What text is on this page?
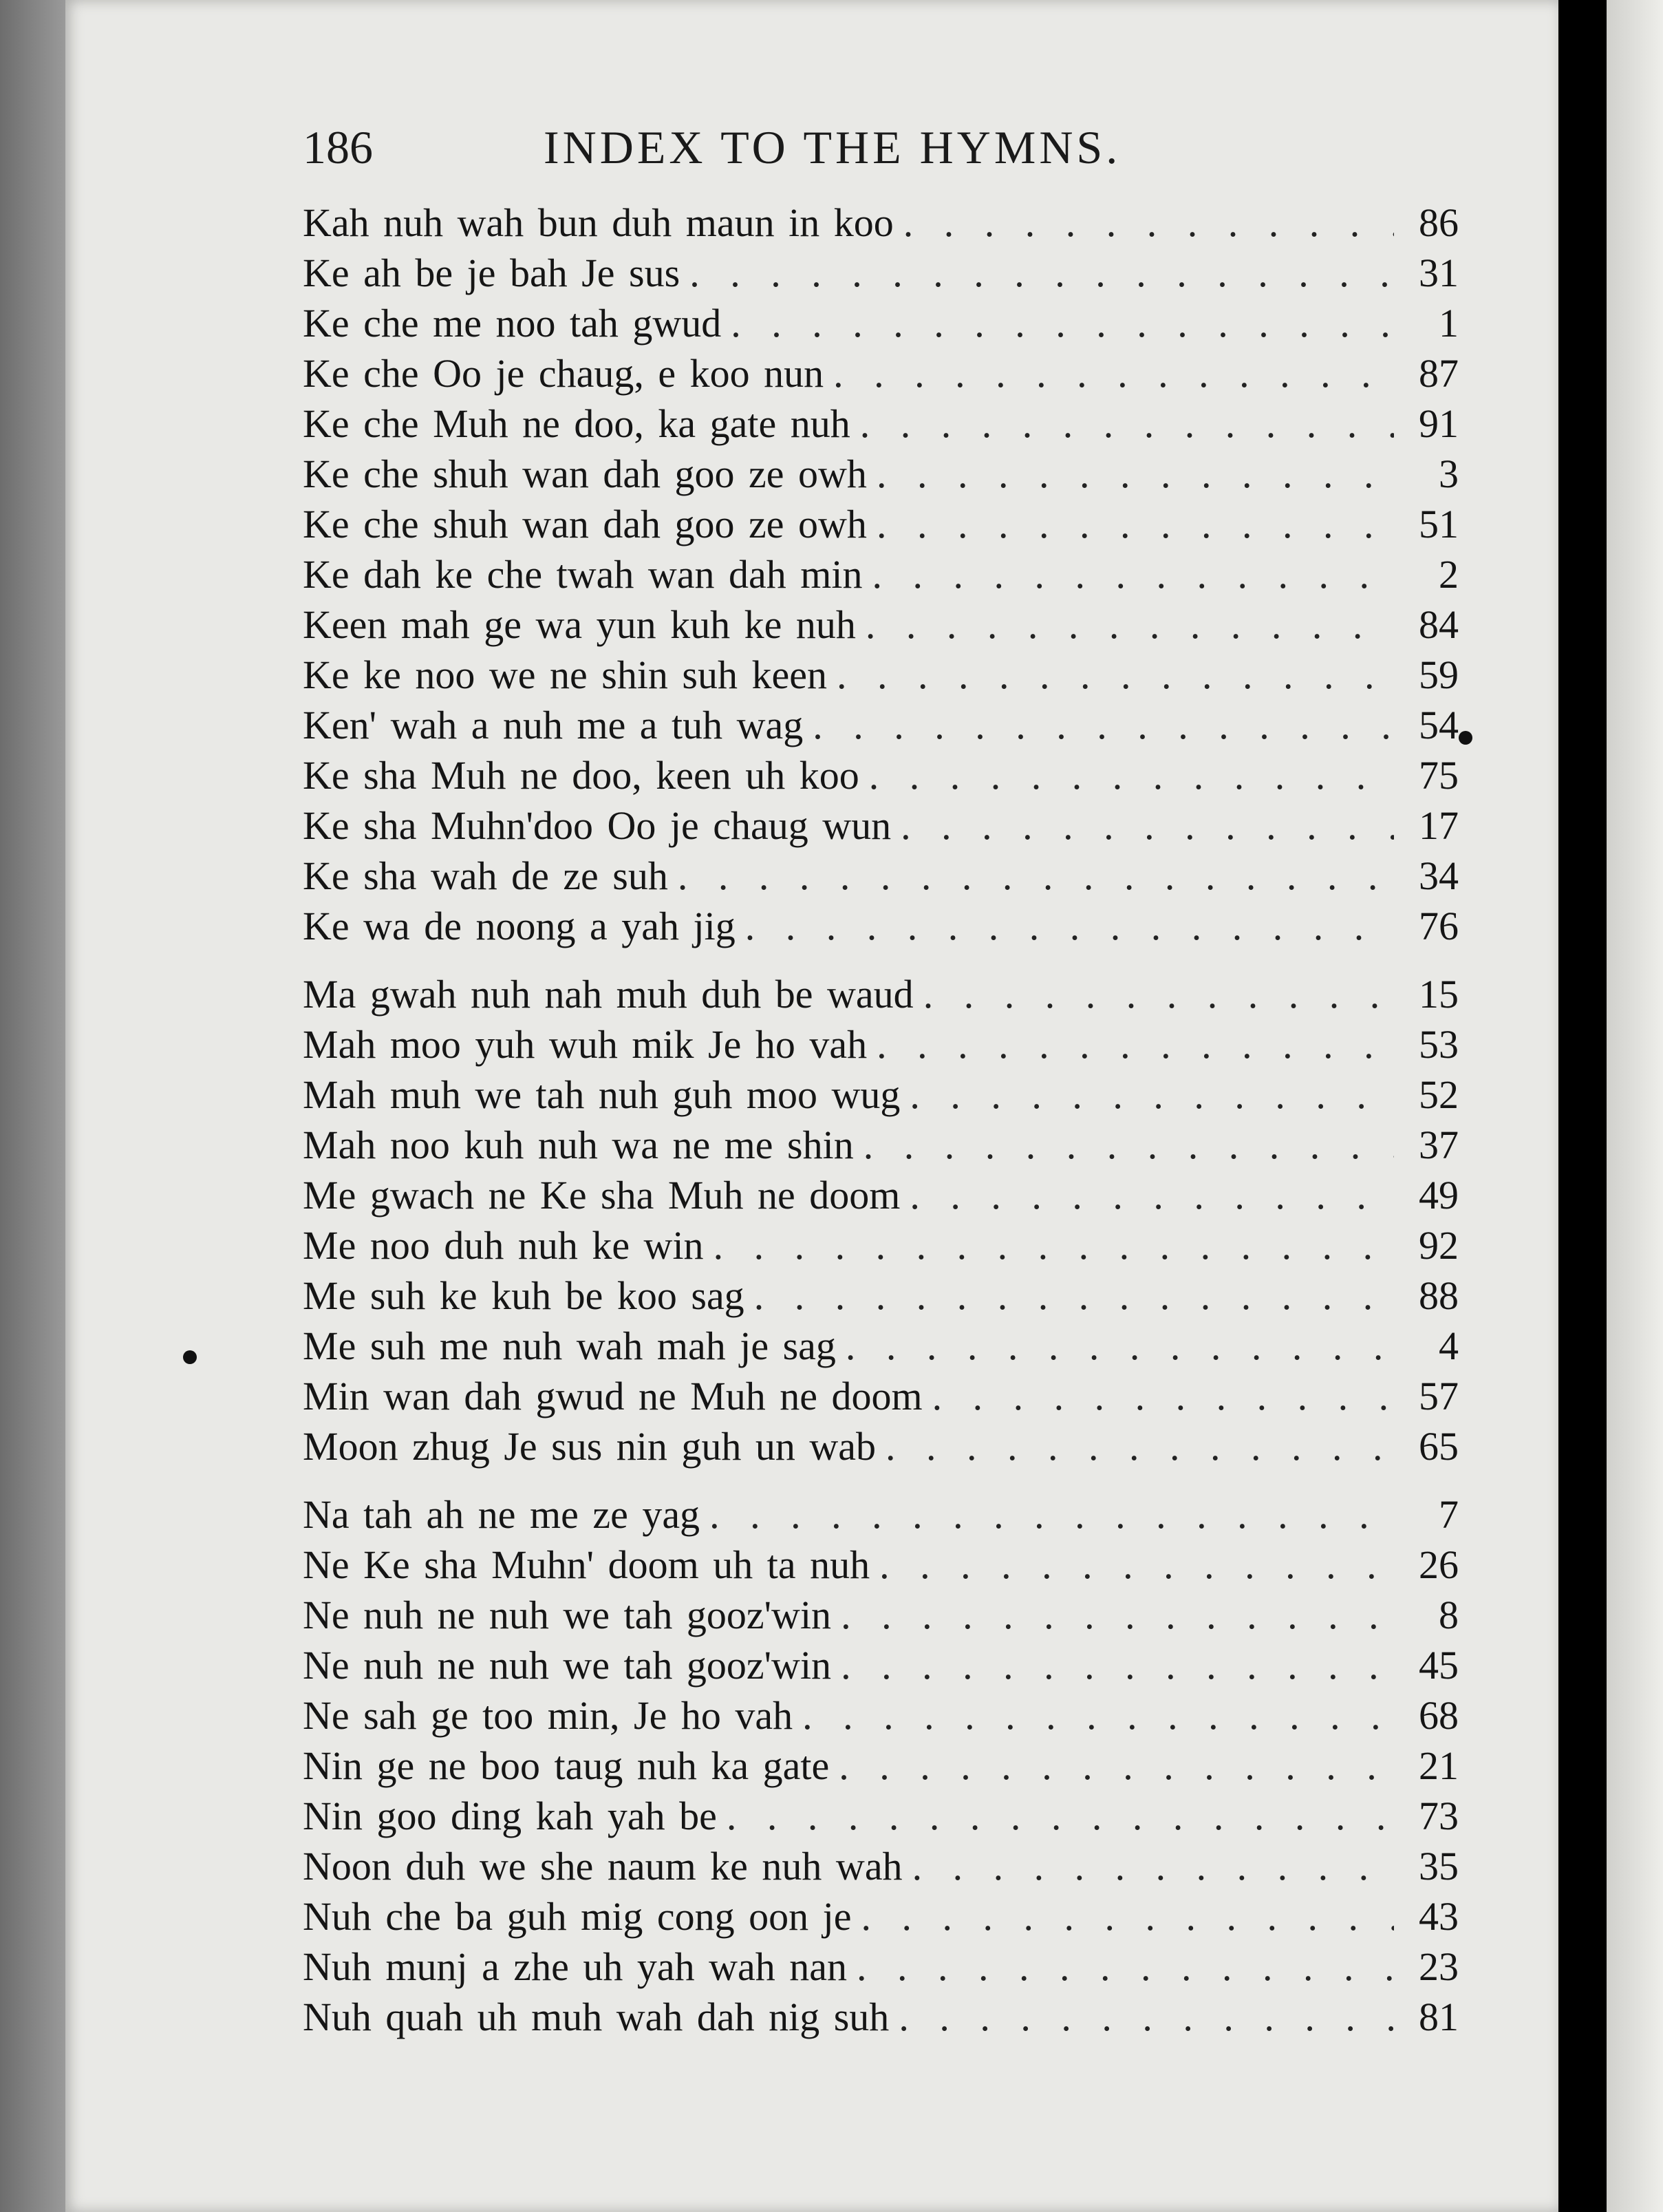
186	INDEX TO THE HYMNS.
Kah nuh wah bun duh maun in koo . . .	86
Ke ah be je bah Je sus . . .	31
Ke che me noo tah gwud . . .	1
Ke che Oo je chaug, e koo nun . . .	87
Ke che Muh ne doo, ka gate nuh . . .	91
Ke che shuh wan dah goo ze owh . . .	3
Ke che shuh wan dah goo ze owh . . .	51
Ke dah ke che twah wan dah min . . .	2
Keen mah ge wa yun kuh ke nuh . . .	84
Ke ke noo we ne shin suh keen . . .	59
Ken' wah a nuh me a tuh wag . . .	54
Ke sha Muh ne doo, keen uh koo . . .	75
Ke sha Muhn'doo Oo je chaug wun . . .	17
Ke sha wah de ze suh . . .	34
Ke wa de noong a yah jig . . .	76
Ma gwah nuh nah muh duh be waud . . .	15
Mah moo yuh wuh mik Je ho vah . . .	53
Mah muh we tah nuh guh moo wug . . .	52
Mah noo kuh nuh wa ne me shin . . .	37
Me gwach ne Ke sha Muh ne doom . . .	49
Me noo duh nuh ke win . . .	92
Me suh ke kuh be koo sag . . .	88
Me suh me nuh wah mah je sag . . .	4
Min wan dah gwud ne Muh ne doom . . .	57
Moon zhug Je sus nin guh un wab . . .	65
Na tah ah ne me ze yag . . .	7
Ne Ke sha Muhn' doom uh ta nuh . . .	26
Ne nuh ne nuh we tah gooz'win . . .	8
Ne nuh ne nuh we tah gooz'win . . .	45
Ne sah ge too min, Je ho vah . . .	68
Nin ge ne boo taug nuh ka gate . . .	21
Nin goo ding kah yah be . . .	73
Noon duh we she naum ke nuh wah . . .	35
Nuh che ba guh mig cong oon je . . .	43
Nuh munj a zhe uh yah wah nan . . .	23
Nuh quah uh muh wah dah nig suh . . .	81
